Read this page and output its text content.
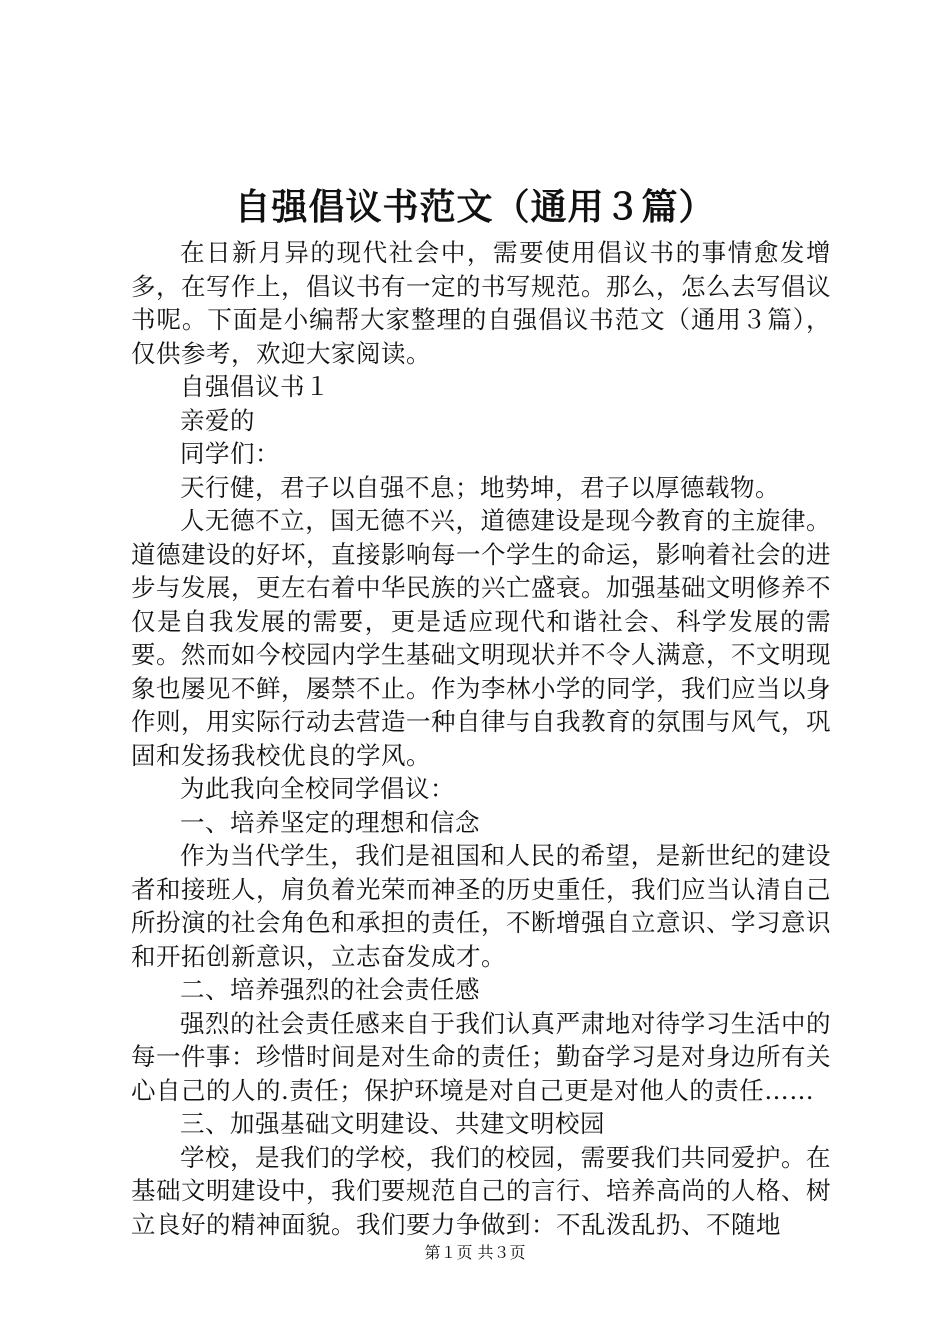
自强倡议书范文（通用３篇）

在日新月异的现代社会中，需要使用倡议书的事情愈发增多，在写作上，倡议书有一定的书写规范。那么，怎么去写倡议书呢。下面是小编帮大家整理的自强倡议书范文（通用３篇），仅供参考，欢迎大家阅读。

自强倡议书１

亲爱的

同学们：

天行健，君子以自强不息；地势坤，君子以厚德载物。

人无德不立，国无德不兴，道德建设是现今教育的主旋律。道德建设的好坏，直接影响每一个学生的命运，影响着社会的进步与发展，更左右着中华民族的兴亡盛衰。加强基础文明修养不仅是自我发展的需要，更是适应现代和谐社会、科学发展的需要。然而如今校园内学生基础文明现状并不令人满意，不文明现象也屡见不鲜，屡禁不止。作为李林小学的同学，我们应当以身作则，用实际行动去营造一种自律与自我教育的氛围与风气，巩固和发扬我校优良的学风。

为此我向全校同学倡议：

一、培养坚定的理想和信念

作为当代学生，我们是祖国和人民的希望，是新世纪的建设者和接班人，肩负着光荣而神圣的历史重任，我们应当认清自己所扮演的社会角色和承担的责任，不断增强自立意识、学习意识和开拓创新意识，立志奋发成才。

二、培养强烈的社会责任感

强烈的社会责任感来自于我们认真严肃地对待学习生活中的每一件事：珍惜时间是对生命的责任；勤奋学习是对身边所有关心自己的人的.责任；保护环境是对自己更是对他人的责任……

三、加强基础文明建设、共建文明校园

学校，是我们的学校，我们的校园，需要我们共同爱护。在基础文明建设中，我们要规范自己的言行、培养高尚的人格、树立良好的精神面貌。我们要力争做到：不乱泼乱扔、不随地

第１页 共３页
